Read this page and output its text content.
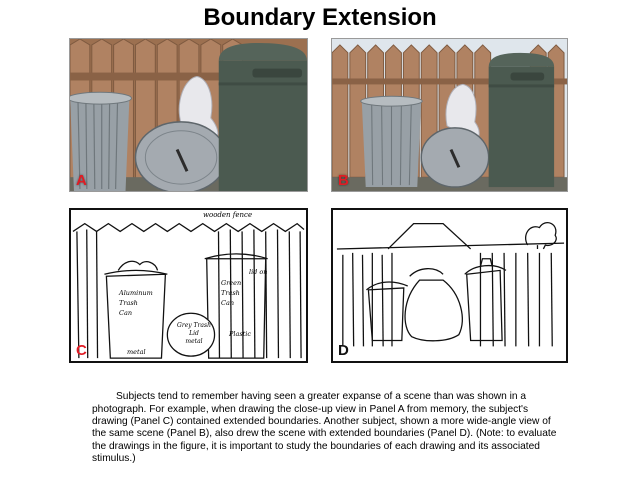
Boundary Extension
A	B
wooden fence
Aluminum
Trash
Can
lid on
Green
Trash
Can
Grey Trash
Lid
metal
Plastic
metal
C	D

Subjects tend to remember having seen a greater expanse of a scene than was shown in a photograph. For example, when drawing the close-up view in Panel A from memory, the subject's drawing (Panel C) contained extended boundaries. Another subject, shown a more wide-angle view of the same scene (Panel B), also drew the scene with extended boundaries (Panel D). (Note: to evaluate the drawings in the figure, it is important to study the boundaries of each drawing and its associated stimulus.)
